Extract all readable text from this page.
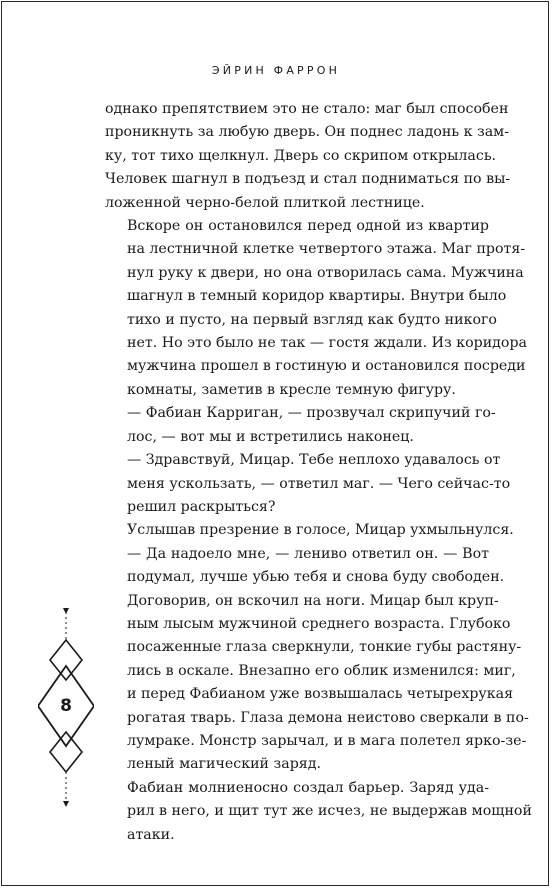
ЭЙРИН ФАРРОН

однако препятствием это не стало: маг был способен
проникнуть за любую дверь. Он поднес ладонь к зам-
ку, тот тихо щелкнул. Дверь со скрипом открылась.
Человек шагнул в подъезд и стал подниматься по вы-
ложенной черно-белой плиткой лестнице.

Вскоре он остановился перед одной из квартир
на лестничной клетке четвертого этажа. Маг протя-
нул руку к двери, но она отворилась сама. Мужчина
шагнул в темный коридор квартиры. Внутри было
тихо и пусто, на первый взгляд как будто никого
нет. Но это было не так — гостя ждали. Из коридора
мужчина прошел в гостиную и остановился посреди
комнаты, заметив в кресле темную фигуру.

— Фабиан Карриган, — прозвучал скрипучий го-
лос, — вот мы и встретились наконец.

— Здравствуй, Мицар. Тебе неплохо удавалось от
меня ускользать, — ответил маг. — Чего сейчас-то
решил раскрыться?

Услышав презрение в голосе, Мицар ухмыльнулся.

— Да надоело мне, — лениво ответил он. — Вот
подумал, лучше убью тебя и снова буду свободен.

Договорив, он вскочил на ноги. Мицар был круп-
ным лысым мужчиной среднего возраста. Глубоко
посаженные глаза сверкнули, тонкие губы растяну-
лись в оскале. Внезапно его облик изменился: миг,
и перед Фабианом уже возвышалась четырехрукая
рогатая тварь. Глаза демона неистово сверкали в по-
лумраке. Монстр зарычал, и в мага полетел ярко-зе-
леный магический заряд.

Фабиан молниеносно создал барьер. Заряд уда-
рил в него, и щит тут же исчез, не выдержав мощной
атаки.

8
